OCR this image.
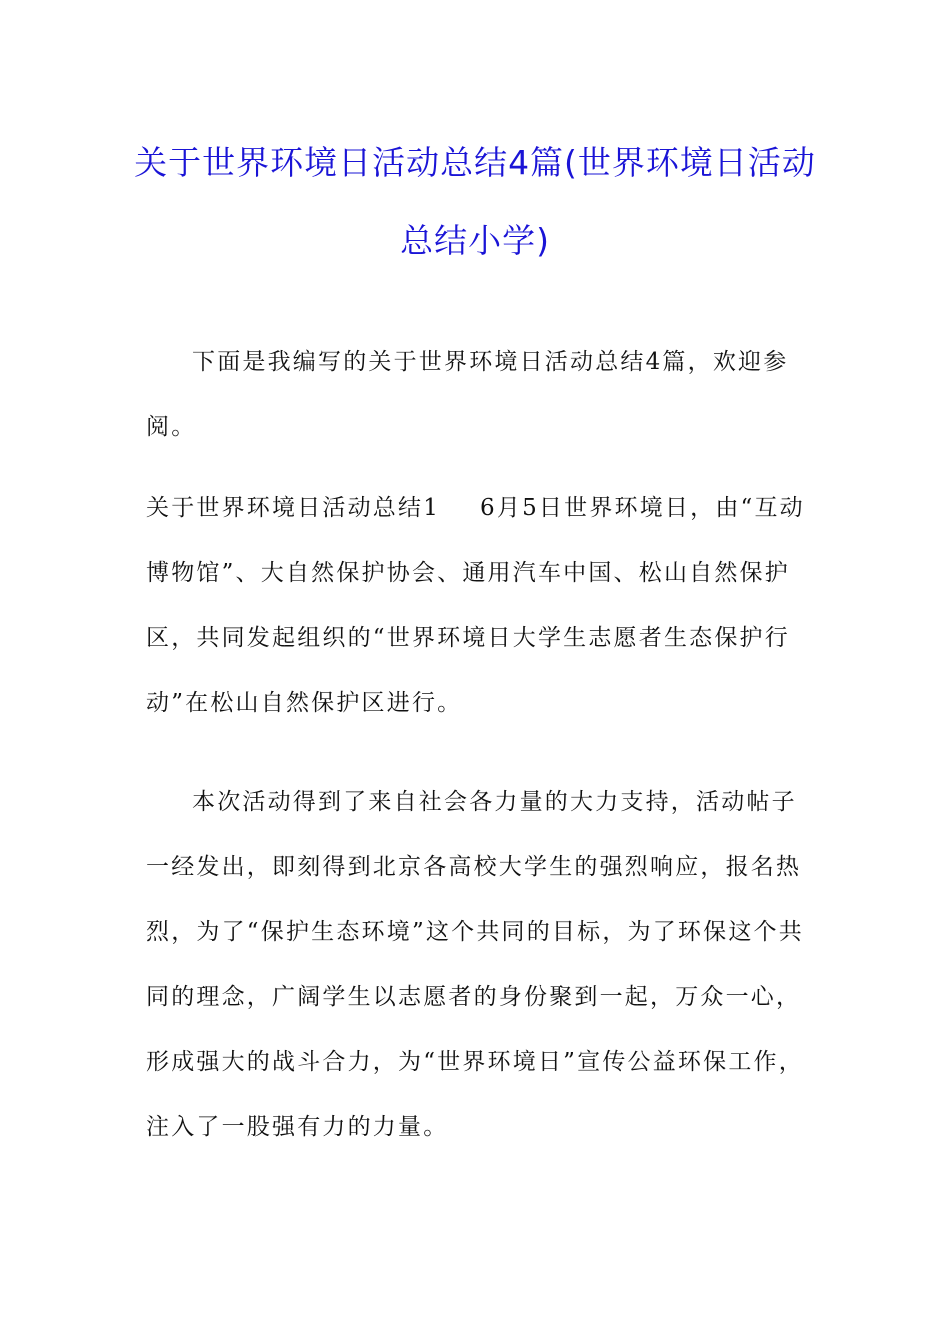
关于世界环境日活动总结4篇(世界环境日活动总结小学)

下面是我编写的关于世界环境日活动总结4篇，欢迎参阅。

关于世界环境日活动总结1 6月5日世界环境日，由“互动博物馆”、大自然保护协会、通用汽车中国、松山自然保护区，共同发起组织的“世界环境日大学生志愿者生态保护行动”在松山自然保护区进行。

本次活动得到了来自社会各力量的大力支持，活动帖子一经发出，即刻得到北京各高校大学生的强烈响应，报名热烈，为了“保护生态环境”这个共同的目标，为了环保这个共同的理念，广阔学生以志愿者的身份聚到一起，万众一心，形成强大的战斗合力，为“世界环境日”宣传公益环保工作，注入了一股强有力的力量。
